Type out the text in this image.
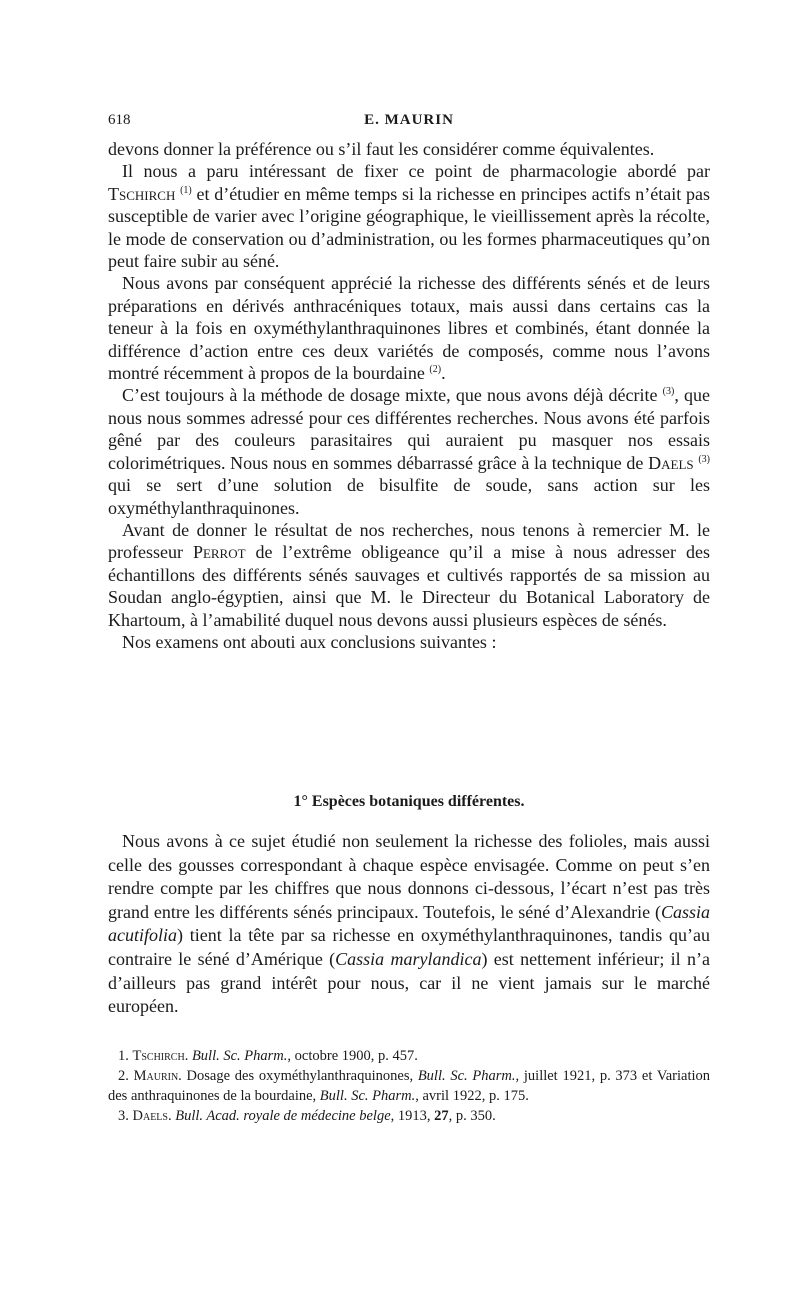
618	E. MAURIN

devons donner la préférence ou s’il faut les considérer comme équivalentes.

Il nous a paru intéressant de fixer ce point de pharmacologie abordé par Tschirch $^{(1)}$ et d’étudier en même temps si la richesse en principes actifs n’était pas susceptible de varier avec l’origine géographique, le vieillissement après la récolte, le mode de conservation ou d’administration, ou les formes pharmaceutiques qu’on peut faire subir au séné.

Nous avons par conséquent apprécié la richesse des différents sénés et de leurs préparations en dérivés anthracéniques totaux, mais aussi dans certains cas la teneur à la fois en oxyméthylanthraquinones libres et combinés, étant donnée la différence d’action entre ces deux variétés de composés, comme nous l’avons montré récemment à propos de la bourdaine $^{(2)}$.

C’est toujours à la méthode de dosage mixte, que nous avons déjà décrite $^{(3)}$, que nous nous sommes adressé pour ces différentes recherches. Nous avons été parfois gêné par des couleurs parasitaires qui auraient pu masquer nos essais colorimétriques. Nous nous en sommes débarrassé grâce à la technique de Daels $^{(3)}$ qui se sert d’une solution de bisulfite de soude, sans action sur les oxyméthylanthraquinones.

Avant de donner le résultat de nos recherches, nous tenons à remercier M. le professeur Perrot de l’extrême obligeance qu’il a mise à nous adresser des échantillons des différents sénés sauvages et cultivés rapportés de sa mission au Soudan anglo-égyptien, ainsi que M. le Directeur du Botanical Laboratory de Khartoum, à l’amabilité duquel nous devons aussi plusieurs espèces de sénés.

Nos examens ont abouti aux conclusions suivantes :

1° Espèces botaniques différentes.

Nous avons à ce sujet étudié non seulement la richesse des folioles, mais aussi celle des gousses correspondant à chaque espèce envisagée. Comme on peut s’en rendre compte par les chiffres que nous donnons ci-dessous, l’écart n’est pas très grand entre les différents sénés principaux. Toutefois, le séné d’Alexandrie (Cassia acutifolia) tient la tête par sa richesse en oxyméthylanthraquinones, tandis qu’au contraire le séné d’Amérique (Cassia marylandica) est nettement inférieur; il n’a d’ailleurs pas grand intérêt pour nous, car il ne vient jamais sur le marché européen.

1. Tschirch. Bull. Sc. Pharm., octobre 1900, p. 457.

2. Maurin. Dosage des oxyméthylanthraquinones, Bull. Sc. Pharm., juillet 1921, p. 373 et Variation des anthraquinones de la bourdaine, Bull. Sc. Pharm., avril 1922, p. 175.

3. Daels. Bull. Acad. royale de médecine belge, 1913, 27, p. 350.
